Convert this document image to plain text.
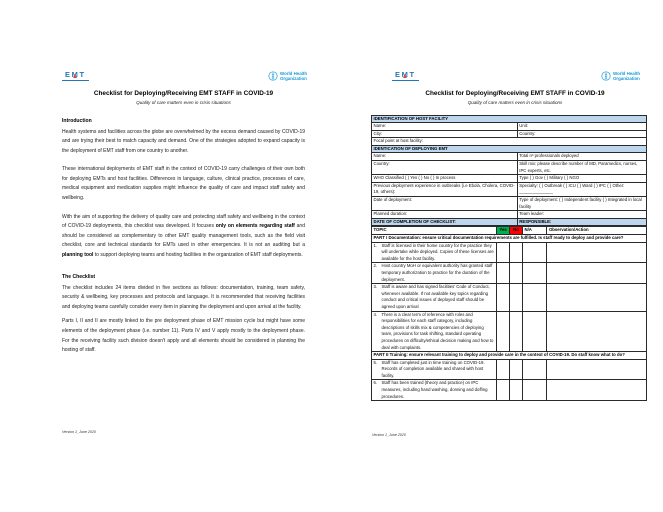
EMT	World Health
Organization
Checklist for Deploying/Receiving EMT STAFF in COVID-19
Quality of care matters even in crisis situations
Introduction

Health systems and facilities across the globe are overwhelmed by the excess demand caused by COVID-19 and are trying their best to match capacity and demand. One of the strategies adopted to expand capacity is the deployment of EMT staff from one country to another.

These international deployments of EMT staff in the context of COVID-19 carry challenges of their own both for deploying EMTs and host facilities. Differences in language, culture, clinical practice, processes of care, medical equipment and medication supplies might influence the quality of care and impact staff safety and wellbeing.

With the aim of supporting the delivery of quality care and protecting staff safety and wellbeing in the context of COVID-19 deployments, this checklist was developed. It focuses only on elements regarding staff and should be considered as complementary to other EMT quality management tools, such as the field visit checklist, core and technical standards for EMTs used in other emergencies. It is not an auditing but a planning tool to support deploying teams and hosting facilities in the organization of EMT staff deployments.

The Checklist

The checklist includes 24 items divided in five sections as follows: documentation, training, team safety, security & wellbeing, key processes and protocols and language. It is recommended that receiving facilities and deploying teams carefully consider every item in planning the deployment and upon arrival at the facility.

Parts I, II and II are mostly linked to the pre deployment phase of EMT mission cycle but might have some elements of the deployment phase (i.e. number 11). Parts IV and V apply mostly to the deployment phase. For the receiving facility such division doesn't apply and all elements should be considered in planning the hosting of staff.

Version 1_June 2020
EMT	World Health
Organization
Checklist for Deploying/Receiving EMT STAFF in COVID-19
Quality of care matters even in crisis situations
IDENTIFICATION OF HOST FACILITY	
Name:	Unit:
City:	Country:
Focal point at host facility:	
IDENTICATION OF DEPLOYING EMT	
Name:	Total nº professionals deployed
Country:	Skill mix: please describe number of MD, Paramedics, nurses, IPC experts, etc.
WHO Classified ( ) Yes ( ) No ( ) In process	Type ( ) Gov ( ) Military ( ) NGO
Previous deployment experience in outbreaks (i.e Ebola, Cholera, COVID-19, others):	Specialty: ( ) Outbreak ( ) ICU ( ) Ward ( ) IPC ( ) Other: ______________
Date of deployment:	Type of deployment: ( ) Independent facility ( ) Integrated in local facility
Planned duration:	Team leader:
DATE OF COMPLETION OF CHECKLIST:	RESPONSIBLE:
TOPIC	Yes	No	N/A	Observation/Action
PART I Documentation: ensure critical documentation requirements are fulfilled. Is staff ready to deploy and provide care?				

1. Staff is licensed in their home country for the practice they will undertake while deployed. Copies of these licenses are available for the host facility.				

2. Host country MoH or equivalent authority has granted staff temporary authorization to practice for the duration of the deployment.				

3. Staff is aware and has signed facilities' Code of Conduct, whenever available. If not available key topics regarding conduct and critical issues of deployed staff should be agreed upon arrival				

4. There is a clear term of reference with roles and responsibilities for each staff category, including descriptions of skills mix & competencies of deploying team, provisions for task shifting, standard operating procedures on difficulty/ethical decision making and how to deal with complaints.				

PART II Training: ensure relevant training to deploy and provide care in the context of COVID-19. Do staff know what to do?				

5. Staff has completed just in time training on COVID-19. Records of completion available and shared with host facility.				

6. Staff has been trained (theory and practice) on IPC measures, including hand washing, donning and doffing procedures.				

Version 1_June 2020
